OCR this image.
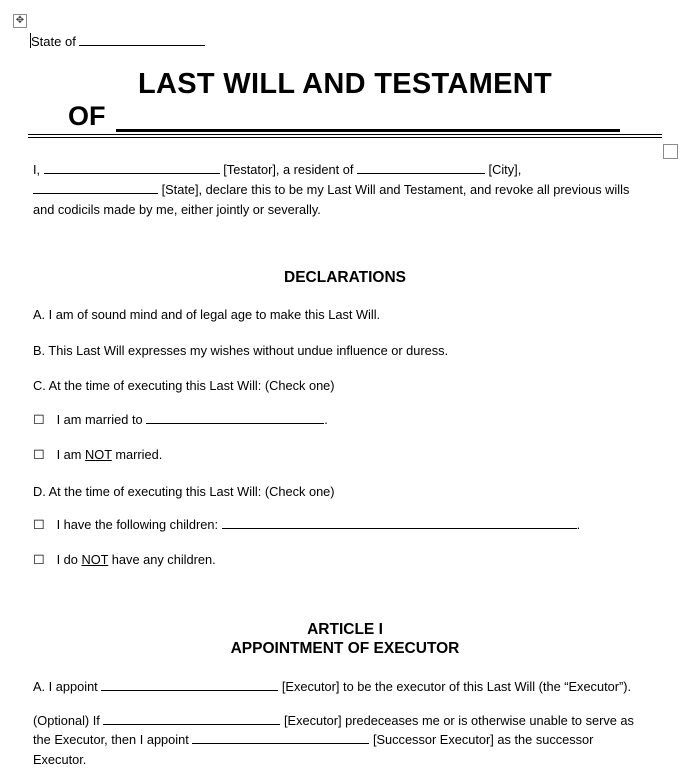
✥
State of
LAST WILL AND TESTAMENT
OF
I,	[Testator], a resident of	[City],
[State], declare this to be my Last Will and Testament, and revoke all previous wills
and codicils made by me, either jointly or severally.
DECLARATIONS
A. I am of sound mind and of legal age to make this Last Will.
B. This Last Will expresses my wishes without undue influence or duress.
C. At the time of executing this Last Will: (Check one)
☐ I am married to	.
☐ I am NOT married.
D. At the time of executing this Last Will: (Check one)
☐ I have the following children:	.
☐ I do NOT have any children.
ARTICLE I
APPOINTMENT OF EXECUTOR
A. I appoint	[Executor] to be the executor of this Last Will (the “Executor”).
(Optional) If	[Executor] predeceases me or is otherwise unable to serve as
the Executor, then I appoint	[Successor Executor] as the successor
Executor.
